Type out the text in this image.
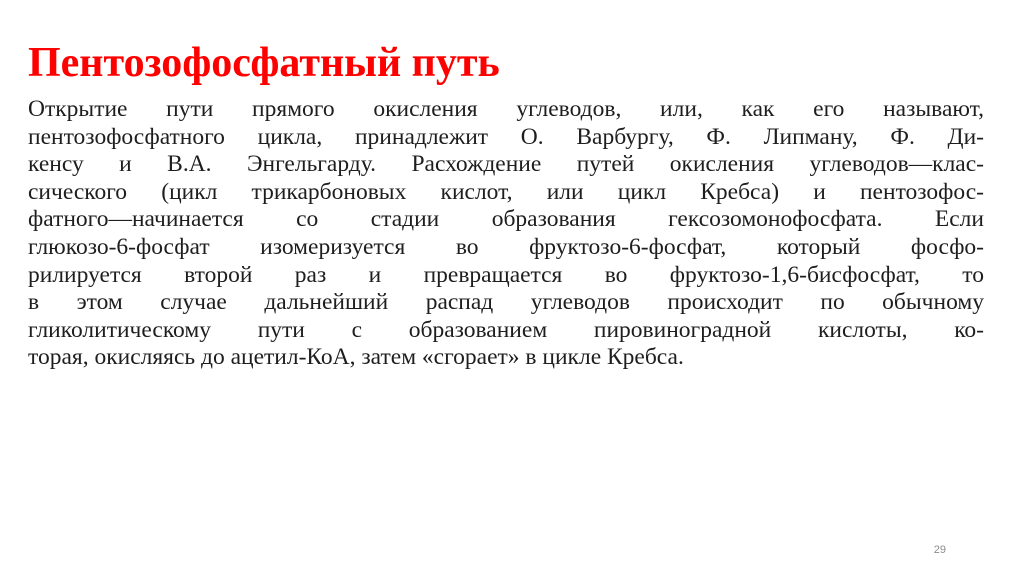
Пентозофосфатный путь
Открытие пути прямого окисления углеводов, или, как его называют,
пентозофосфатного цикла, принадлежит О. Варбургу, Ф. Липману, Ф. Ди-
кенсу и В.А. Энгельгарду. Расхождение путей окисления углеводов—клас-
сического (цикл трикарбоновых кислот, или цикл Кребса) и пентозофос-
фатного—начинается со стадии образования гексозомонофосфата. Если
глюкозо-6-фосфат изомеризуется во фруктозо-6-фосфат, который фосфо-
рилируется второй раз и превращается во фруктозо-1,6-бисфосфат, то
в этом случае дальнейший распад углеводов происходит по обычному
гликолитическому пути с образованием пировиноградной кислоты, ко-
торая, окисляясь до ацетил-КоА, затем «сгорает» в цикле Кребса.
29
